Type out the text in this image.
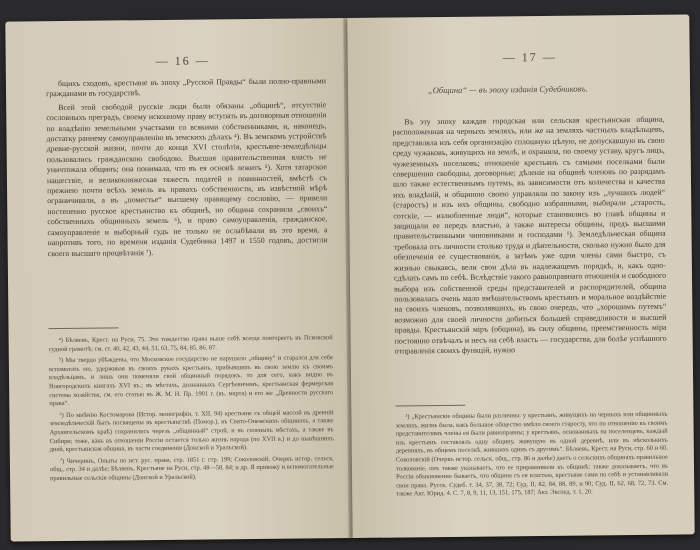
— 16 —

бщихъ сходовъ, крестьяне въ эпоху „Русской Правды“ были полно-правными гражданами въ государствѣ.

Всей этой свободой русскіе люди были обязаны „общинѣ“, отсутствіе сословныхъ преградъ, своему исконному праву вступать въ договорныя отношенія по владѣнію земельными участками со всякими собственниками, и, наконецъ, достатку раннему самоуправленію въ земскихъ дѣлахъ ⁴). Въ земскомъ устройствѣ древне-русской жизни, почти до конца XVI столѣтія, крестьяне-земледѣльцы пользовались гражданскою свободою. Высшая правительственная власть не уничтожала общинъ; она понимала, что въ ея основѣ лежитъ ⁵). Хотя татарское нашествіе, и великокняжеская тяжесть податей и повинностей, вмѣстѣ съ прежнею почти всѣхъ земель въ правахъ собственности, въ извѣстной мѣрѣ ограничивали, а въ „поместье“ высшему правящему сословію, — привели постепенно русское крестьянство къ общинѣ, но община сохранила „своихъ“ собственныхъ общинныхъ земель ⁶), и право самоуправленія, гражданское, самоуправленіе и выборный судъ не только не ослабѣвали въ это время, а напротивъ того, по времени изданія Судебника 1497 и 1550 годовъ, достигли своего высшаго процвѣтанія ⁷).

⁴) Бѣляевъ, Крест. на Руси, 75. Это тождество права выше себѣ всегда повторяетъ въ Псковской судной грамотѣ; см. ст. 40, 42, 43, 44, 51, 63, 75, 84, 85, 86, 87.

⁵) Мы твердо убѣждены, что Московское государство не нарушало „общину“ и старался для себя вспомогать ею, удерживая въ своихъ рукахъ крестьянъ, прибывшихъ въ свою землю къ своимъ владѣльцамъ, и лишь они поменяли свой общинный порядокъ, то для сего, какъ видно въ Новгородскихъ книгахъ XVI въ.; въ мѣстахъ, дознанныхъ Сергѣевичемъ, крестьянская фермерская система хозяйства, см. его статью въ Ж. М. Н. Пр. 1901 г. (въ. марта) и его же „Древности русскаго права“.

⁶) По мнѣнію Костомарова (Истор. монографіи, т. XII, 94) крестьяне съ общей массой въ древній земледѣльческій бытъ посвящены въ крестьянствѣ (Помор.), въ Свято-Онежскихъ общинахъ, а также Архангельскомъ краѣ) сохранились черезъ „общинный“ строй, и въ соленыхъ мѣстахъ, а также въ Сибири; тоже, какъ въ отношеніи Россіи остается только жизнь народа (по XVII в.) и до нынѣшнихъ дней, крестьянская община, въ части соединенія (Донской и Уральской).

⁷) Чичеринъ, Опыты по ист. рус. права, стр. 1851 г. стр. 199; Соколовскій, Очеркъ истор. сельск. общ., стр. 34 и далѣе; Бѣляевъ, Крестьяне на Руси, стр. 48—58, 84; и др. Я привожу и вспомогательные правильные сельскія общины (Донской и Уральской).

— 17 —
„Община“ — въ эпоху изданія Судебниковъ.

Въ эту эпоху каждая городская или сельская крестьянская община, расположенная на черныхъ земляхъ, или же на земляхъ частныхъ владѣльцевъ, представляла изъ себя организацію сплошную цѣлую, не допускавшую въ свою среду чужаковъ, живущихъ на землѣ, и охраняла, по своему уставу, кругъ лицъ, чужеземныхъ поселковъ; отношеніе крестьянъ съ самыми поселками были совершенно свободны, договорные; дѣленіе на общинѣ членовъ по разрядамъ шло также естественнымъ путемъ, въ зависимости отъ количества и качества ихъ владѣній, и общиною своею управляли по закону изъ „лучшихъ людей“ (старостъ) и изъ ихъ общины, свободно избранными, выбирали „старость, сотскіе, — излюбленные люди“, которые становились во главѣ общины и защищали ее передъ властью, а также интересы общины, предъ высшими правительственными чиновниками и господами ¹). Земледѣльческая община требовала отъ личности столько труда и дѣятельности, сколько нужно было для обезпеченія ее существованія, а затѣмъ уже одни члены сами быстро, съ жизнью свыкаясь, вели свои дѣла въ надлежащемъ порядкѣ, и, какъ одно-сдѣлать самъ по себѣ. Вслѣдствіе такого равноправнаго отношенія и свободного выбора изъ собственной среды представителей и распорядителей, община пользовалась очень мало вмѣшательствомъ крестьянъ и моральное воздѣйствіе на своихъ членовъ, позволявшихъ, въ свою очередь, что „хорошимъ путемъ“ возможно для своей личности добиться большей справедливости и высшей правды. Крестьянскій міръ (община), въ силу общины, преемственность міра постоянно отвѣчалъ и несъ на себѣ власть — государства, для болѣе успѣшного отправленія своихъ функцій, нужно

¹) „Крестьянскіе общины были различны: у крестьянъ, живущихъ на черныхъ или общинныхъ земляхъ, жизнь была, какъ большое общество имѣло своего старосту, что по отношенію къ своимъ представителямъ члены ея были равноправны; у крестьянъ, основанныхъ на поселенцевъ, каждый изъ крестьянъ составлялъ одну общину, живущую въ одной деревнѣ, или въ нѣсколькихъ деревняхъ, въ общемъ поселкѣ, жившихъ одинъ съ другимъ“. Бѣляевъ, Крест. на Руси, стр. 60 и 60. Соколовскій (Очеркъ истор. сельск. общ., стр. 86 и далѣе) даетъ о сельскихъ общинахъ правильное толкованіе, онъ также указываетъ, что ее приравнивали къ общинѣ; также доказываетъ, что въ Россіи обыкновенно бываетъ, что община съ ея властью, крестьяне сами по себѣ и устанавливали свои права. Русск. Судеб. т. 34, 37, 38, 72; Суд. II, 82, 84, 88, 89, и 90; Суд. II, 62, 68, 72, 73. См. также Акт. Юрид. 4. С. 7, 8, 9, 11, 13, 151, 175, 187; Акт. Экспед. т. 1, 20.
